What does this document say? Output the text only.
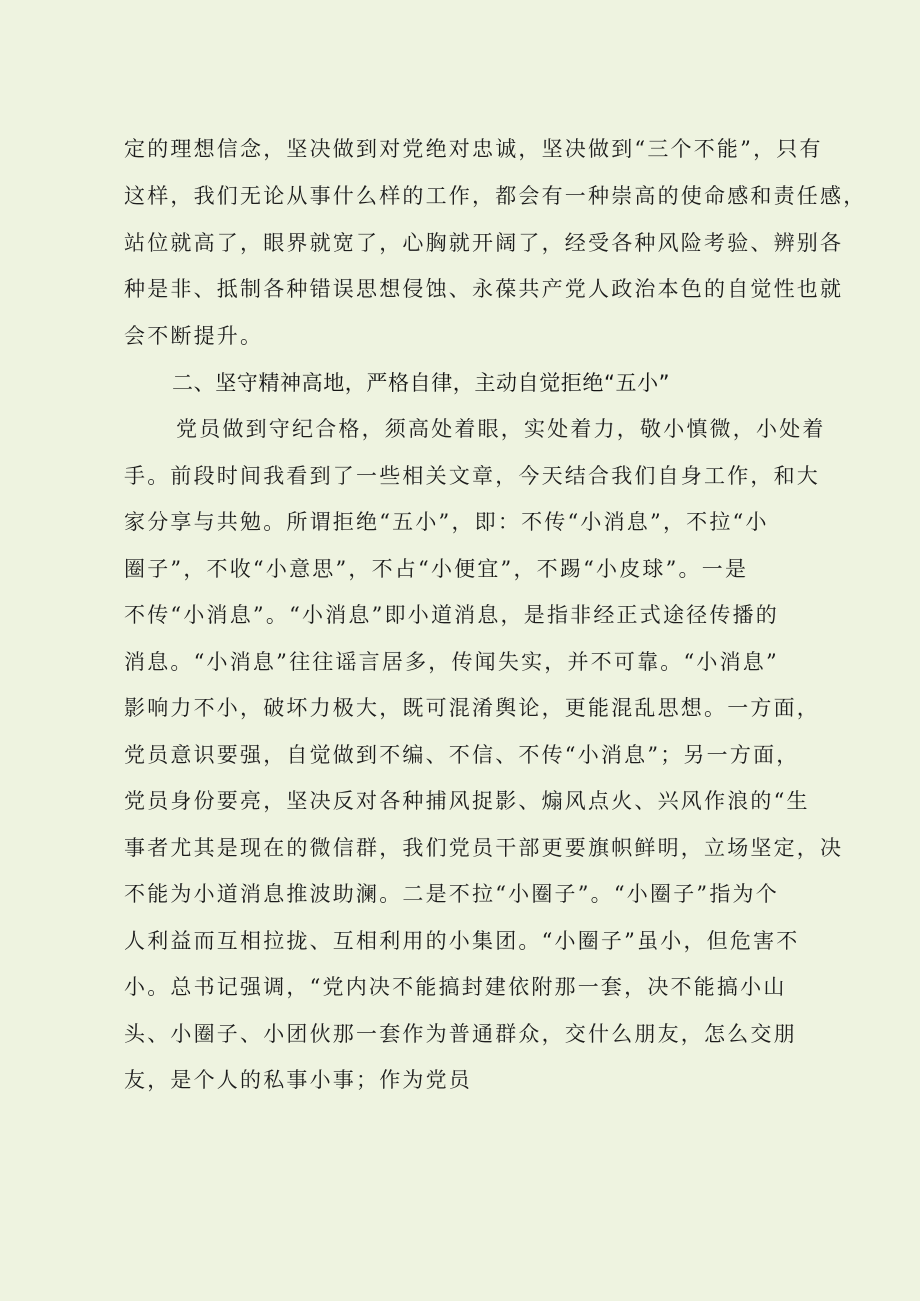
定的理想信念，坚决做到对党绝对忠诚，坚决做到“三个不能”，只有
这样，我们无论从事什么样的工作，都会有一种崇高的使命感和责任感，
站位就高了，眼界就宽了，心胸就开阔了，经受各种风险考验、辨别各
种是非、抵制各种错误思想侵蚀、永葆共产党人政治本色的自觉性也就
会不断提升。
二、坚守精神高地，严格自律，主动自觉拒绝“五小”
党员做到守纪合格，须高处着眼，实处着力，敬小慎微，小处着
手。前段时间我看到了一些相关文章，今天结合我们自身工作，和大
家分享与共勉。所谓拒绝“五小”，即：不传“小消息”，不拉“小
圈子”，不收“小意思”，不占“小便宜”，不踢“小皮球”。一是
不传“小消息”。“小消息”即小道消息，是指非经正式途径传播的
消息。“小消息”往往谣言居多，传闻失实，并不可靠。“小消息”
影响力不小，破坏力极大，既可混淆舆论，更能混乱思想。一方面，
党员意识要强，自觉做到不编、不信、不传“小消息”；另一方面，
党员身份要亮，坚决反对各种捕风捉影、煽风点火、兴风作浪的“生
事者尤其是现在的微信群，我们党员干部更要旗帜鲜明，立场坚定，决
不能为小道消息推波助澜。二是不拉“小圈子”。“小圈子”指为个
人利益而互相拉拢、互相利用的小集团。“小圈子”虽小，但危害不
小。总书记强调，“党内决不能搞封建依附那一套，决不能搞小山
头、小圈子、小团伙那一套作为普通群众，交什么朋友，怎么交朋
友，是个人的私事小事；作为党员
